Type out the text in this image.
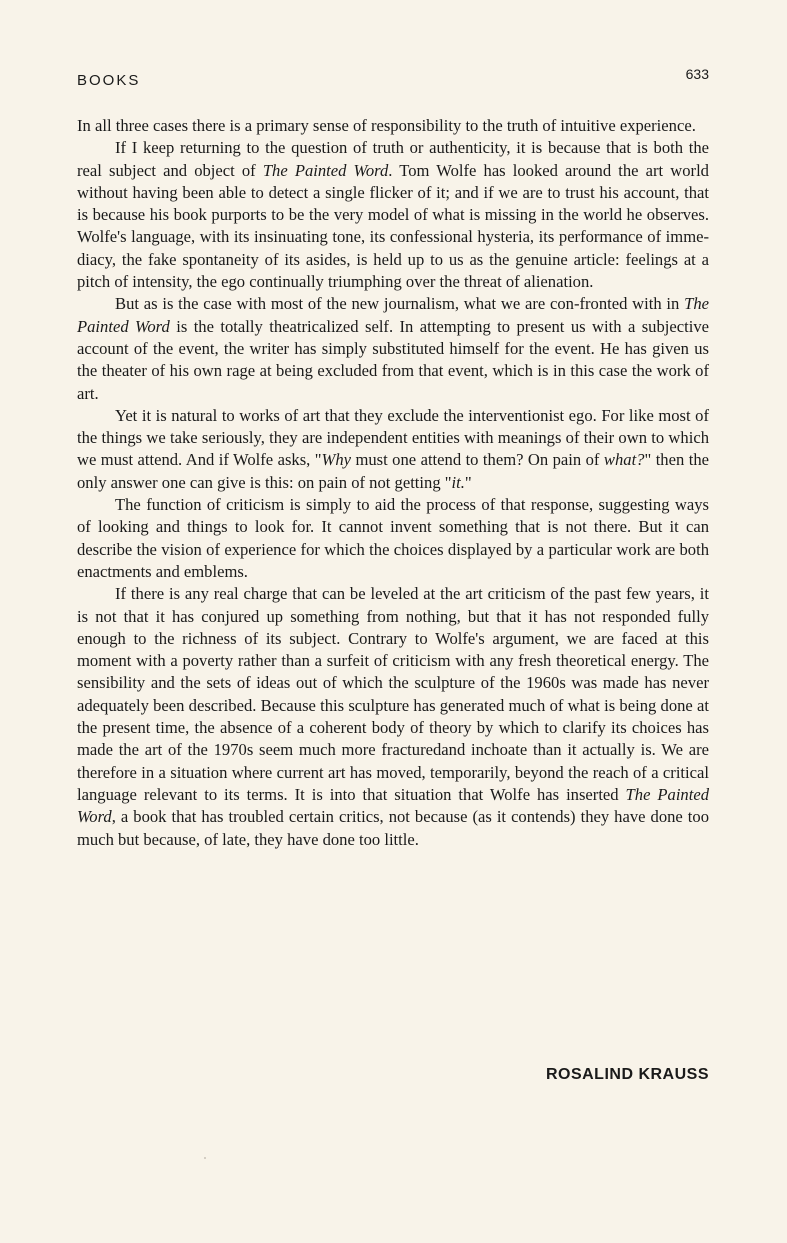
BOOKS	633

In all three cases there is a primary sense of responsibility to the truth of intuitive experience.

If I keep returning to the question of truth or authenticity, it is because that is both the real subject and object of The Painted Word. Tom Wolfe has looked around the art world without having been able to detect a single flicker of it; and if we are to trust his account, that is because his book purports to be the very model of what is missing in the world he observes. Wolfe's language, with its insinuating tone, its confessional hysteria, its performance of imme-diacy, the fake spontaneity of its asides, is held up to us as the genuine article: feelings at a pitch of intensity, the ego continually triumphing over the threat of alienation.

But as is the case with most of the new journalism, what we are con-fronted with in The Painted Word is the totally theatricalized self. In attempting to present us with a subjective account of the event, the writer has simply substituted himself for the event. He has given us the theater of his own rage at being excluded from that event, which is in this case the work of art.

Yet it is natural to works of art that they exclude the interventionist ego. For like most of the things we take seriously, they are independent entities with meanings of their own to which we must attend. And if Wolfe asks, "Why must one attend to them? On pain of what?" then the only answer one can give is this: on pain of not getting "it."

The function of criticism is simply to aid the process of that response, suggesting ways of looking and things to look for. It cannot invent something that is not there. But it can describe the vision of experience for which the choices displayed by a particular work are both enactments and emblems.

If there is any real charge that can be leveled at the art criticism of the past few years, it is not that it has conjured up something from nothing, but that it has not responded fully enough to the richness of its subject. Contrary to Wolfe's argument, we are faced at this moment with a poverty rather than a surfeit of criticism with any fresh theoretical energy. The sensibility and the sets of ideas out of which the sculpture of the 1960s was made has never adequately been described. Because this sculpture has generated much of what is being done at the present time, the absence of a coherent body of theory by which to clarify its choices has made the art of the 1970s seem much more fracturedand inchoate than it actually is. We are therefore in a situation where current art has moved, temporarily, beyond the reach of a critical language relevant to its terms. It is into that situation that Wolfe has inserted The Painted Word, a book that has troubled certain critics, not because (as it contends) they have done too much but because, of late, they have done too little.

ROSALIND KRAUSS
